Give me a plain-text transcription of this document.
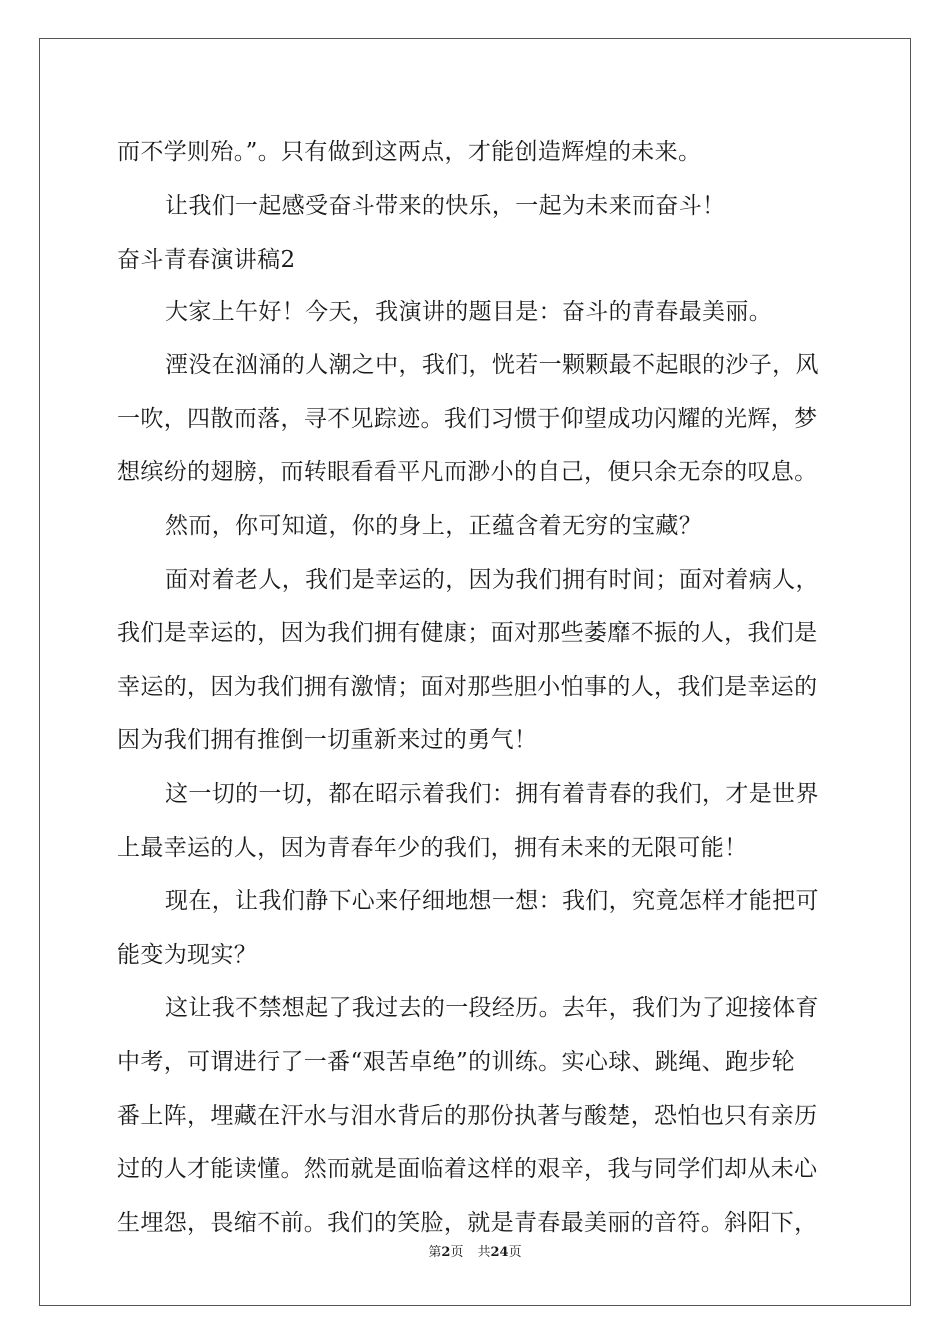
而不学则殆。”。只有做到这两点，才能创造辉煌的未来。
让我们一起感受奋斗带来的快乐，一起为未来而奋斗！
奋斗青春演讲稿2
大家上午好！今天，我演讲的题目是：奋斗的青春最美丽。
湮没在汹涌的人潮之中，我们，恍若一颗颗最不起眼的沙子，风
一吹，四散而落，寻不见踪迹。我们习惯于仰望成功闪耀的光辉，梦
想缤纷的翅膀，而转眼看看平凡而渺小的自己，便只余无奈的叹息。
然而，你可知道，你的身上，正蕴含着无穷的宝藏？
面对着老人，我们是幸运的，因为我们拥有时间；面对着病人，
我们是幸运的，因为我们拥有健康；面对那些萎靡不振的人，我们是
幸运的，因为我们拥有激情；面对那些胆小怕事的人，我们是幸运的
因为我们拥有推倒一切重新来过的勇气！
这一切的一切，都在昭示着我们：拥有着青春的我们，才是世界
上最幸运的人，因为青春年少的我们，拥有未来的无限可能！
现在，让我们静下心来仔细地想一想：我们，究竟怎样才能把可
能变为现实？
这让我不禁想起了我过去的一段经历。去年，我们为了迎接体育
中考，可谓进行了一番“艰苦卓绝”的训练。实心球、跳绳、跑步轮
番上阵，埋藏在汗水与泪水背后的那份执著与酸楚，恐怕也只有亲历
过的人才能读懂。然而就是面临着这样的艰辛，我与同学们却从未心
生埋怨，畏缩不前。我们的笑脸，就是青春最美丽的音符。斜阳下，
第2页 共24页
